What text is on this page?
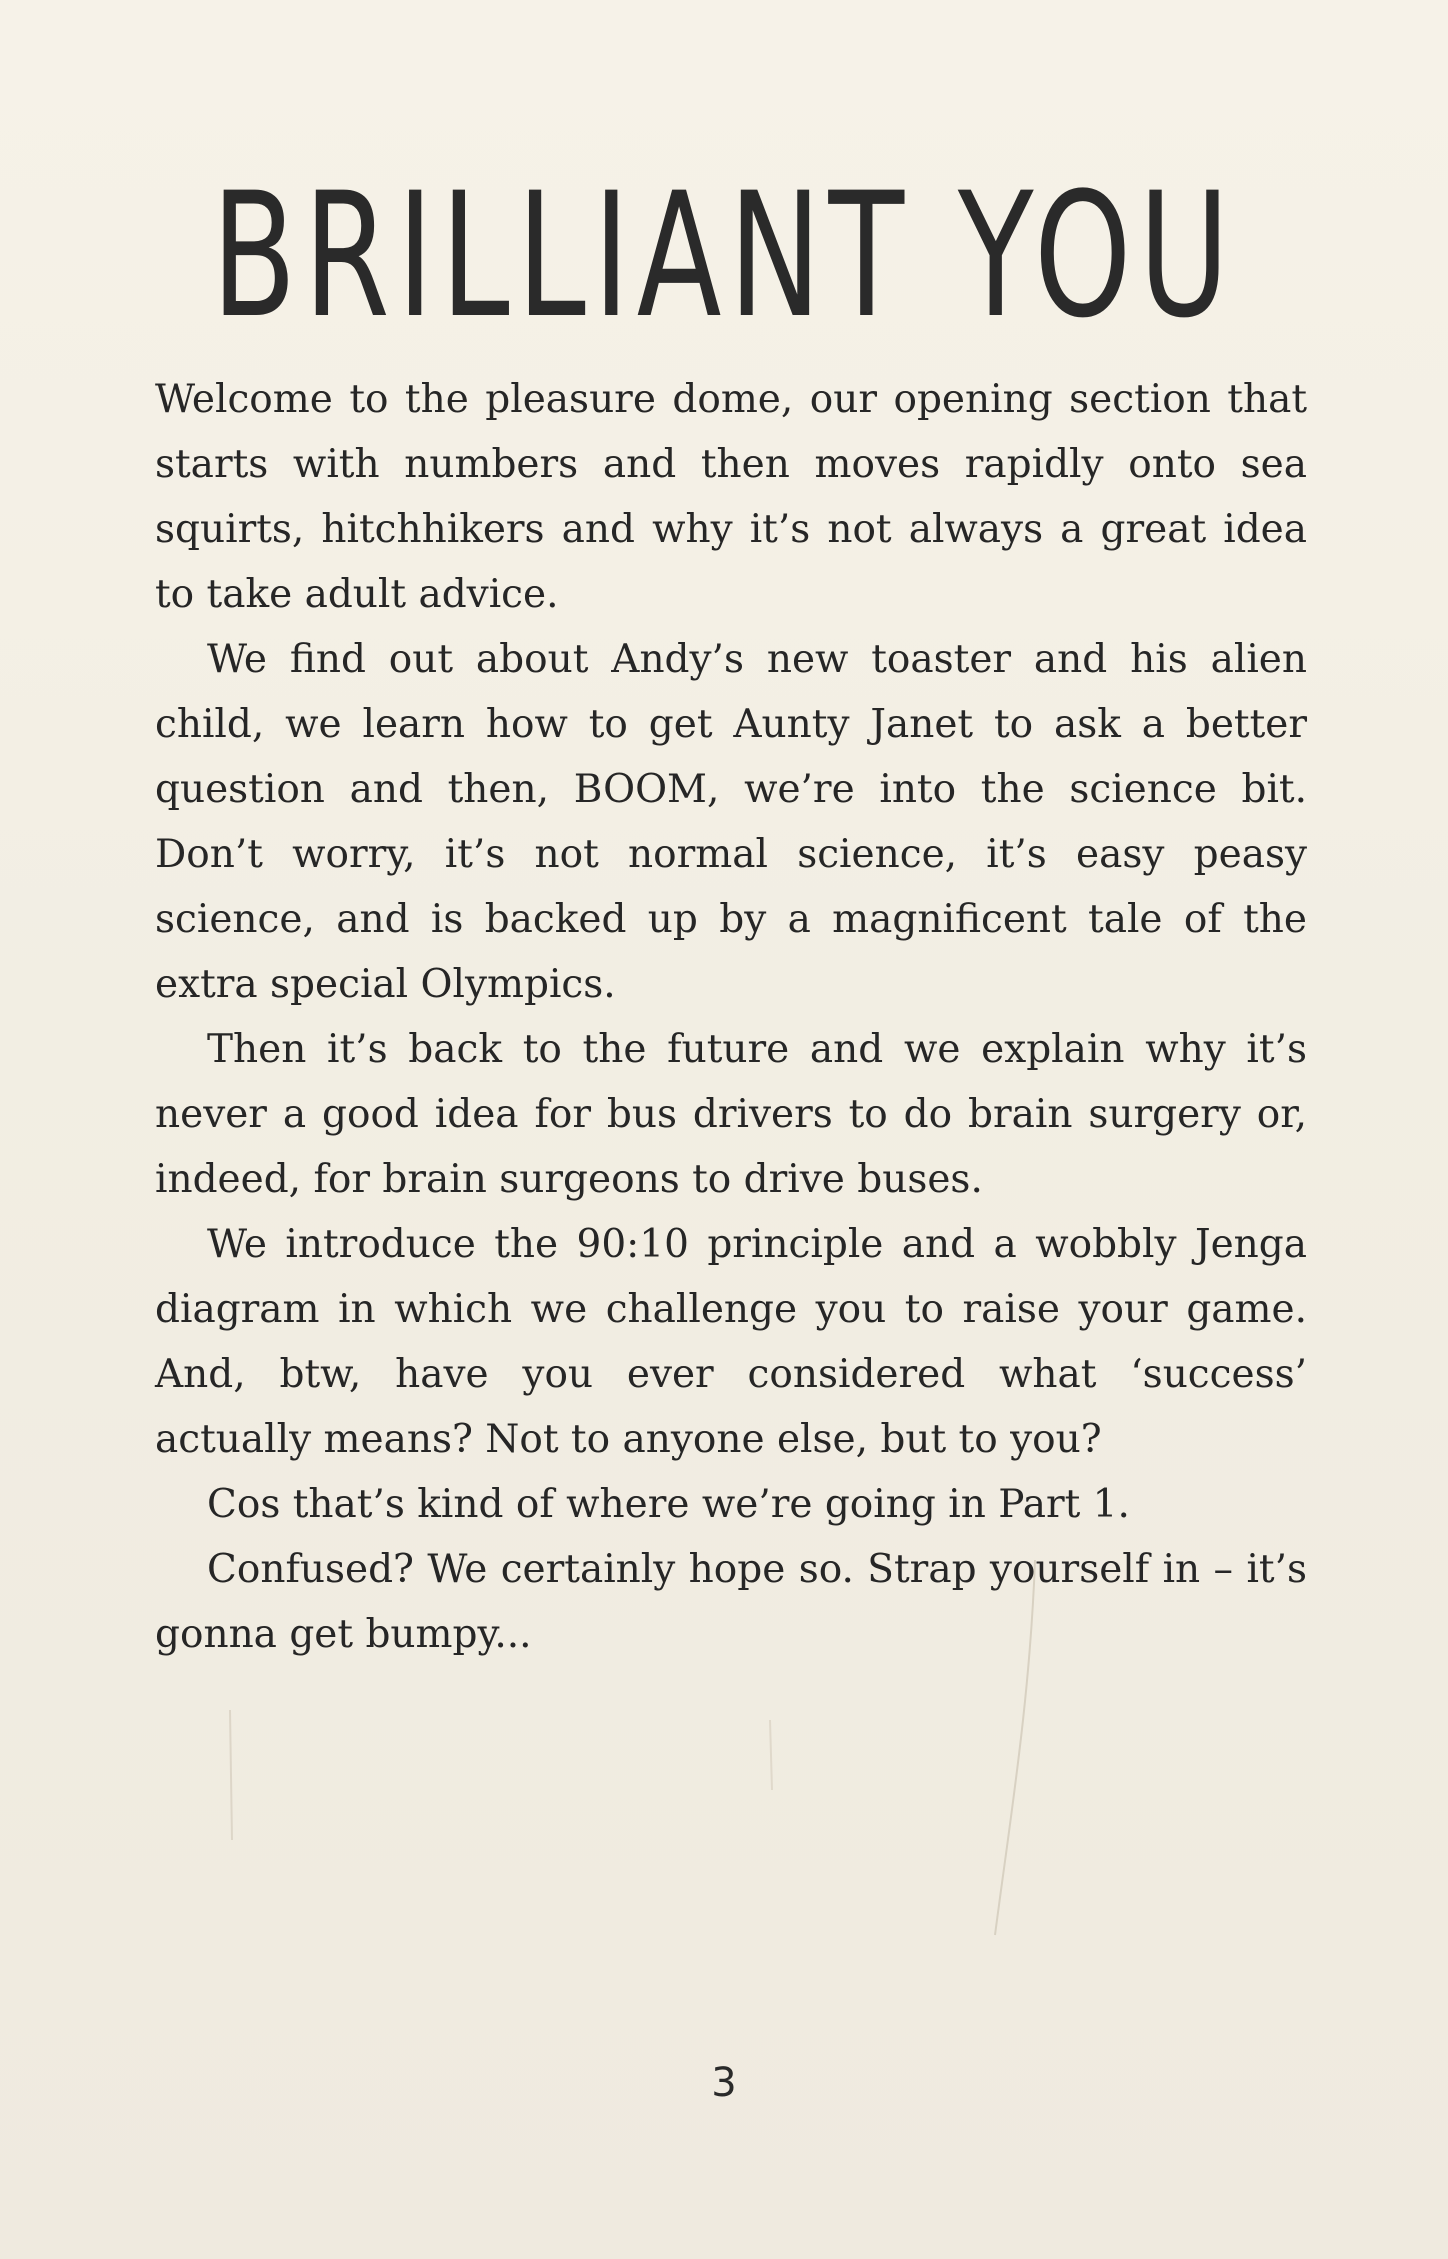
BRILLIANT YOU

Welcome to the pleasure dome, our opening section that starts with numbers and then moves rapidly onto sea squirts, hitchhikers and why it’s not always a great idea to take adult advice.

We find out about Andy’s new toaster and his alien child, we learn how to get Aunty Janet to ask a better question and then, BOOM, we’re into the science bit. Don’t worry, it’s not normal science, it’s easy peasy science, and is backed up by a magnificent tale of the extra special Olympics.

Then it’s back to the future and we explain why it’s never a good idea for bus drivers to do brain surgery or, indeed, for brain surgeons to drive buses.

We introduce the 90:10 principle and a wobbly Jenga diagram in which we challenge you to raise your game. And, btw, have you ever considered what ‘success’ actually means? Not to anyone else, but to you?

Cos that’s kind of where we’re going in Part 1.

Confused? We certainly hope so. Strap yourself in – it’s gonna get bumpy...

3
